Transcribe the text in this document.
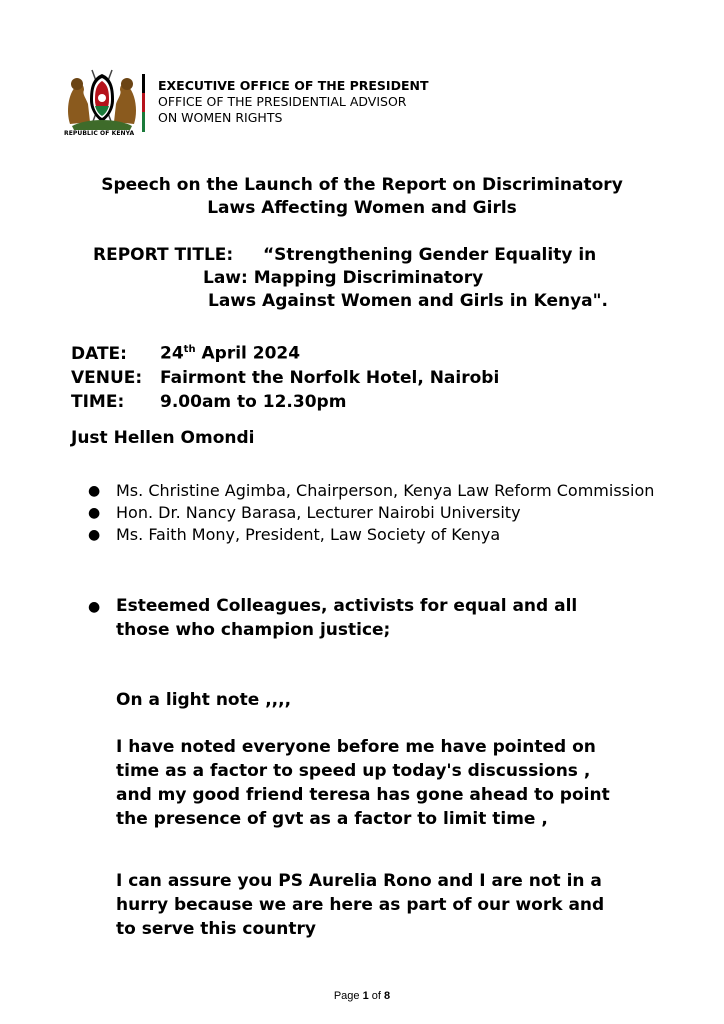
REPUBLIC OF KENYA
EXECUTIVE OFFICE OF THE PRESIDENT
OFFICE OF THE PRESIDENTIAL ADVISOR
ON WOMEN RIGHTS
Speech on the Launch of the Report on Discriminatory
Laws Affecting Women and Girls
REPORT TITLE: “Strengthening Gender Equality in
Law: Mapping Discriminatory
Laws Against Women and Girls in Kenya".
DATE: 24th April 2024
VENUE: Fairmont the Norfolk Hotel, Nairobi
TIME: 9.00am to 12.30pm
Just Hellen Omondi
● Ms. Christine Agimba, Chairperson, Kenya Law Reform Commission
● Hon. Dr. Nancy Barasa, Lecturer Nairobi University
● Ms. Faith Mony, President, Law Society of Kenya
● Esteemed Colleagues, activists for equal and all those who champion justice;
On a light note ,,,,
I have noted everyone before me have pointed on
time as a factor to speed up today's discussions ,
and my good friend teresa has gone ahead to point
the presence of gvt as a factor to limit time ,
I can assure you PS Aurelia Rono and I are not in a
hurry because we are here as part of our work and
to serve this country
Page 1 of 8
